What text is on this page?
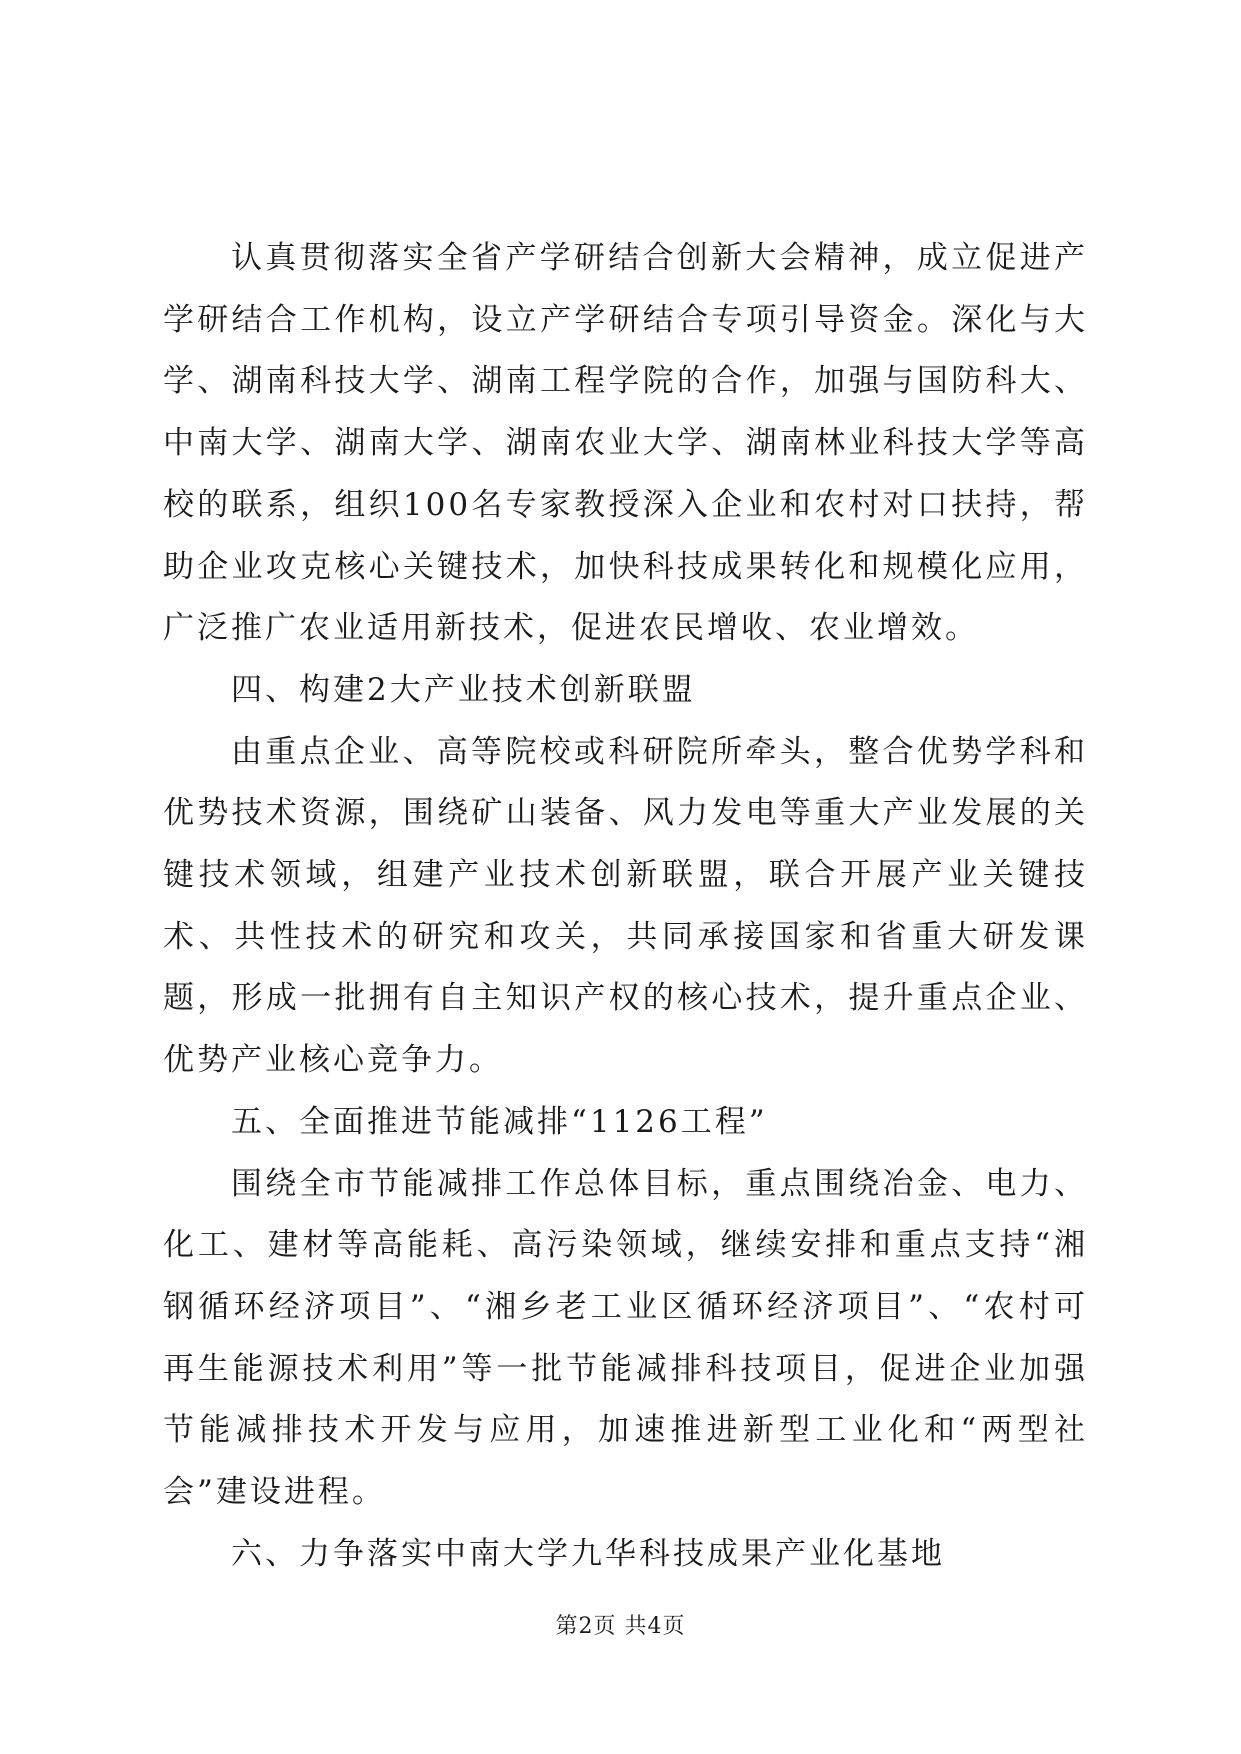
认真贯彻落实全省产学研结合创新大会精神，成立促进产学研结合工作机构，设立产学研结合专项引导资金。深化与大学、湖南科技大学、湖南工程学院的合作，加强与国防科大、中南大学、湖南大学、湖南农业大学、湖南林业科技大学等高校的联系，组织100名专家教授深入企业和农村对口扶持，帮助企业攻克核心关键技术，加快科技成果转化和规模化应用，广泛推广农业适用新技术，促进农民增收、农业增效。

四、构建2大产业技术创新联盟

由重点企业、高等院校或科研院所牵头，整合优势学科和优势技术资源，围绕矿山装备、风力发电等重大产业发展的关键技术领域，组建产业技术创新联盟，联合开展产业关键技术、共性技术的研究和攻关，共同承接国家和省重大研发课题，形成一批拥有自主知识产权的核心技术，提升重点企业、优势产业核心竞争力。

五、全面推进节能减排“1126工程”

围绕全市节能减排工作总体目标，重点围绕冶金、电力、化工、建材等高能耗、高污染领域，继续安排和重点支持“湘钢循环经济项目”、“湘乡老工业区循环经济项目”、“农村可再生能源技术利用”等一批节能减排科技项目，促进企业加强节能减排技术开发与应用，加速推进新型工业化和“两型社会”建设进程。

六、力争落实中南大学九华科技成果产业化基地

第2页 共4页
